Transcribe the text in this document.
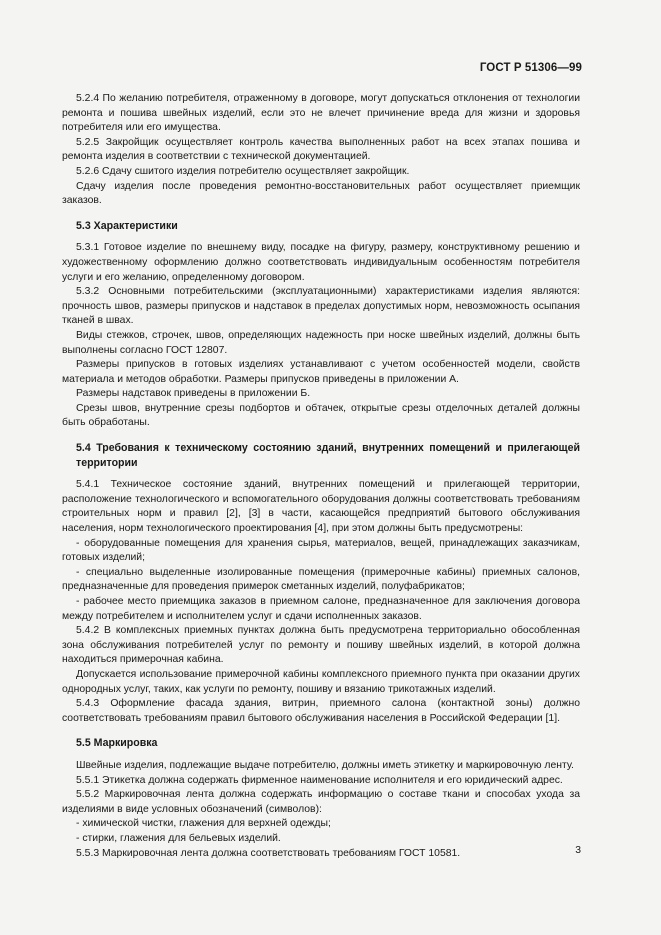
ГОСТ Р 51306—99

5.2.4 По желанию потребителя, отраженному в договоре, могут допускаться отклонения от технологии ремонта и пошива швейных изделий, если это не влечет причинение вреда для жизни и здоровья потребителя или его имущества.

5.2.5 Закройщик осуществляет контроль качества выполненных работ на всех этапах пошива и ремонта изделия в соответствии с технической документацией.

5.2.6 Сдачу сшитого изделия потребителю осуществляет закройщик.

Сдачу изделия после проведения ремонтно-восстановительных работ осуществляет приемщик заказов.

5.3 Характеристики

5.3.1 Готовое изделие по внешнему виду, посадке на фигуру, размеру, конструктивному решению и художественному оформлению должно соответствовать индивидуальным особенностям потребителя услуги и его желанию, определенному договором.

5.3.2 Основными потребительскими (эксплуатационными) характеристиками изделия являются: прочность швов, размеры припусков и надставок в пределах допустимых норм, невозможность осыпания тканей в швах.

Виды стежков, строчек, швов, определяющих надежность при носке швейных изделий, должны быть выполнены согласно ГОСТ 12807.

Размеры припусков в готовых изделиях устанавливают с учетом особенностей модели, свойств материала и методов обработки. Размеры припусков приведены в приложении А.

Размеры надставок приведены в приложении Б.

Срезы швов, внутренние срезы подбортов и обтачек, открытые срезы отделочных деталей должны быть обработаны.

5.4 Требования к техническому состоянию зданий, внутренних помещений и прилегающей территории

5.4.1 Техническое состояние зданий, внутренних помещений и прилегающей территории, расположение технологического и вспомогательного оборудования должны соответствовать требованиям строительных норм и правил [2], [3] в части, касающейся предприятий бытового обслуживания населения, норм технологического проектирования [4], при этом должны быть предусмотрены:

- оборудованные помещения для хранения сырья, материалов, вещей, принадлежащих заказчикам, готовых изделий;

- специально выделенные изолированные помещения (примерочные кабины) приемных салонов, предназначенные для проведения примерок сметанных изделий, полуфабрикатов;

- рабочее место приемщика заказов в приемном салоне, предназначенное для заключения договора между потребителем и исполнителем услуг и сдачи исполненных заказов.

5.4.2 В комплексных приемных пунктах должна быть предусмотрена территориально обособленная зона обслуживания потребителей услуг по ремонту и пошиву швейных изделий, в которой должна находиться примерочная кабина.

Допускается использование примерочной кабины комплексного приемного пункта при оказании других однородных услуг, таких, как услуги по ремонту, пошиву и вязанию трикотажных изделий.

5.4.3 Оформление фасада здания, витрин, приемного салона (контактной зоны) должно соответствовать требованиям правил бытового обслуживания населения в Российской Федерации [1].

5.5 Маркировка

Швейные изделия, подлежащие выдаче потребителю, должны иметь этикетку и маркировочную ленту.

5.5.1 Этикетка должна содержать фирменное наименование исполнителя и его юридический адрес.

5.5.2 Маркировочная лента должна содержать информацию о составе ткани и способах ухода за изделиями в виде условных обозначений (символов):

- химической чистки, глажения для верхней одежды;

- стирки, глажения для бельевых изделий.

5.5.3 Маркировочная лента должна соответствовать требованиям ГОСТ 10581.	3
